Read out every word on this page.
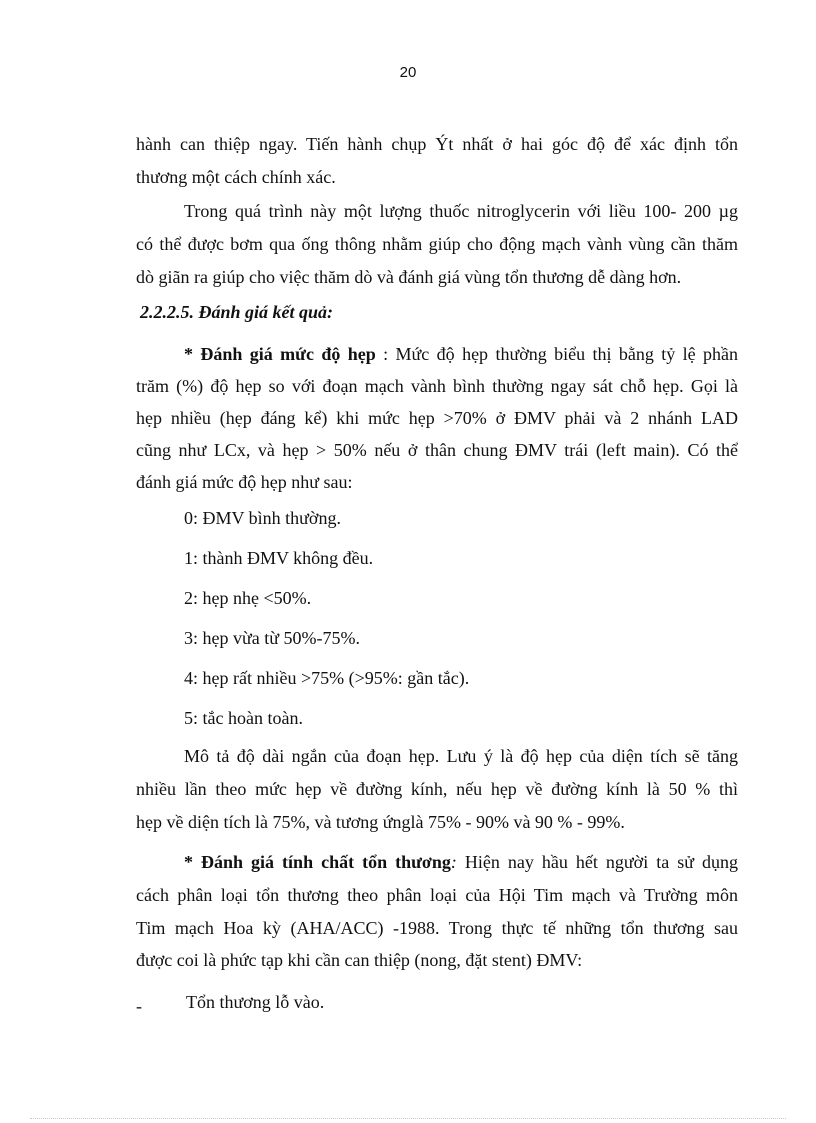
20
hành can thiệp ngay. Tiến hành chụp Ýt nhất ở hai góc độ để xác định tổn
thương một cách chính xác.
Trong quá trình này một lượng thuốc nitroglycerin với liều 100- 200 µg
có thể được bơm qua ống thông nhằm giúp cho động mạch vành vùng cần thăm
dò giãn ra giúp cho việc thăm dò và đánh giá vùng tổn thương dễ dàng hơn.
2.2.2.5. Đánh giá kết quả:
* Đánh giá mức độ hẹp : Mức độ hẹp thường biểu thị bằng tỷ lệ phần
trăm (%) độ hẹp so với đoạn mạch vành bình thường ngay sát chỗ hẹp. Gọi là
hẹp nhiều (hẹp đáng kể) khi mức hẹp >70% ở ĐMV phải và 2 nhánh LAD
cũng như LCx, và hẹp > 50% nếu ở thân chung ĐMV trái (left main). Có thể
đánh giá mức độ hẹp như sau:
0: ĐMV bình thường.
1: thành ĐMV không đều.
2: hẹp nhẹ <50%.
3: hẹp vừa từ 50%-75%.
4: hẹp rất nhiều >75% (>95%: gần tắc).
5: tắc hoàn toàn.
Mô tả độ dài ngắn của đoạn hẹp. Lưu ý là độ hẹp của diện tích sẽ tăng
nhiều lần theo mức hẹp về đường kính, nếu hẹp về đường kính là 50 % thì
hẹp về diện tích là 75%, và tương ứnglà 75% - 90% và 90 % - 99%.
* Đánh giá tính chất tổn thương: Hiện nay hầu hết người ta sử dụng
cách phân loại tổn thương theo phân loại của Hội Tim mạch và Trường môn
Tim mạch Hoa kỳ (AHA/ACC) -1988. Trong thực tế những tổn thương sau
được coi là phức tạp khi cần can thiệp (nong, đặt stent) ĐMV:
- Tổn thương lỗ vào.
